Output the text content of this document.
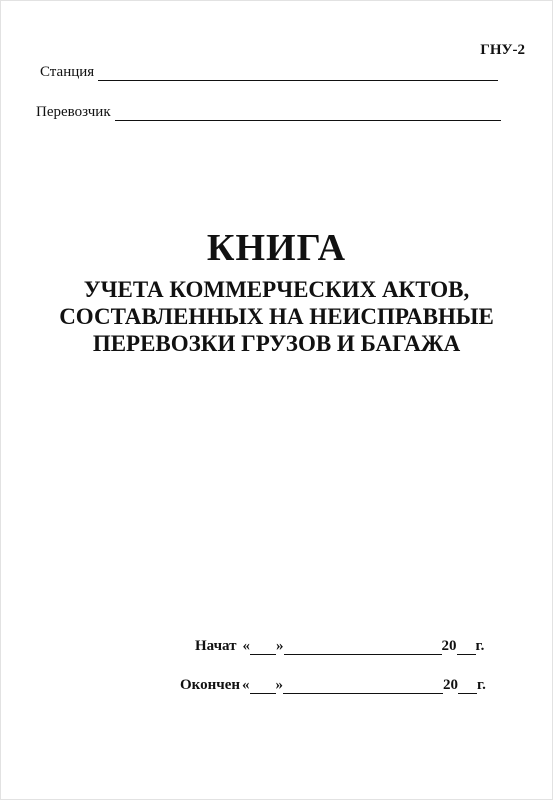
ГНУ-2
Станция
Перевозчик
КНИГА
УЧЕТА КОММЕРЧЕСКИХ АКТОВ,
СОСТАВЛЕННЫХ НА НЕИСПРАВНЫЕ
ПЕРЕВОЗКИ ГРУЗОВ И БАГАЖА
Начат « »	20 г.
Окончен « »	20 г.
